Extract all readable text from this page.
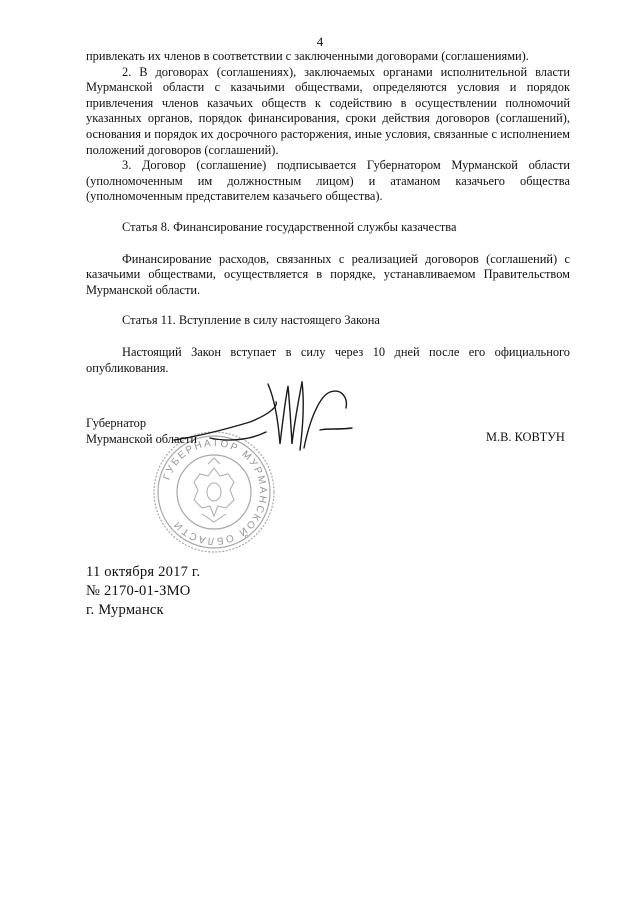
4

привлекать их членов в соответствии с заключенными договорами (соглашениями).

2. В договорах (соглашениях), заключаемых органами исполнительной власти Мурманской области с казачьими обществами, определяются условия и порядок привлечения членов казачьих обществ к содействию в осуществлении полномочий указанных органов, порядок финансирования, сроки действия договоров (соглашений), основания и порядок их досрочного расторжения, иные условия, связанные с исполнением положений договоров (соглашений).

3. Договор (соглашение) подписывается Губернатором Мурманской области (уполномоченным им должностным лицом) и атаманом казачьего общества (уполномоченным представителем казачьего общества).

Статья 8. Финансирование государственной службы казачества

Финансирование расходов, связанных с реализацией договоров (соглашений) с казачьими обществами, осуществляется в порядке, устанавливаемом Правительством Мурманской области.

Статья 11. Вступление в силу настоящего Закона

Настоящий Закон вступает в силу через 10 дней после его официального опубликования.

ГУБЕРНАТОР МУРМАНСКОЙ ОБЛАСТИ
Губернатор
Мурманской области	М.В. КОВТУН
11 октября 2017 г.
№ 2170-01-ЗМО
г. Мурманск
